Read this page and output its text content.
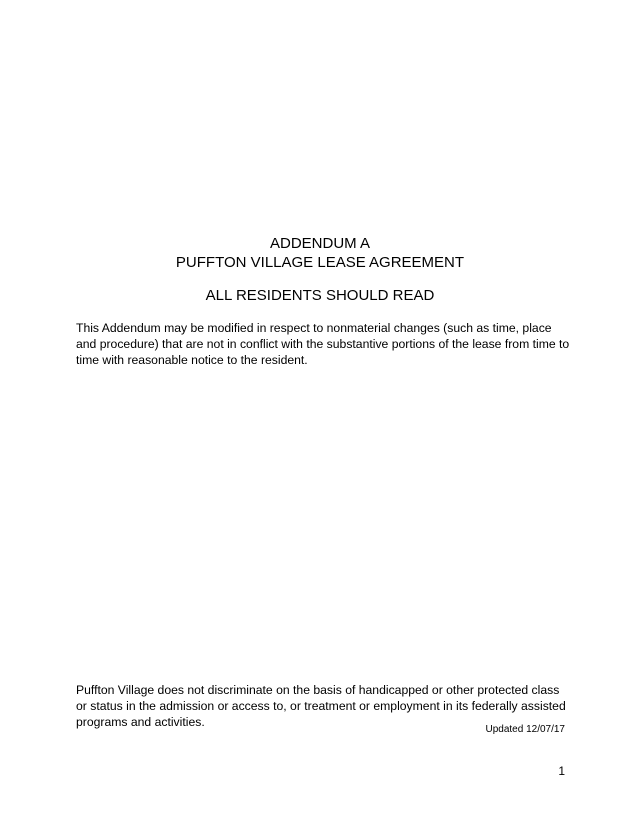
ADDENDUM A
PUFFTON VILLAGE LEASE AGREEMENT
ALL RESIDENTS SHOULD READ

This Addendum may be modified in respect to nonmaterial changes (such as time, place and procedure) that are not in conflict with the substantive portions of the lease from time to time with reasonable notice to the resident.

Puffton Village does not discriminate on the basis of handicapped or other protected class or status in the admission or access to, or treatment or employment in its federally assisted programs and activities.

Updated 12/07/17

1
